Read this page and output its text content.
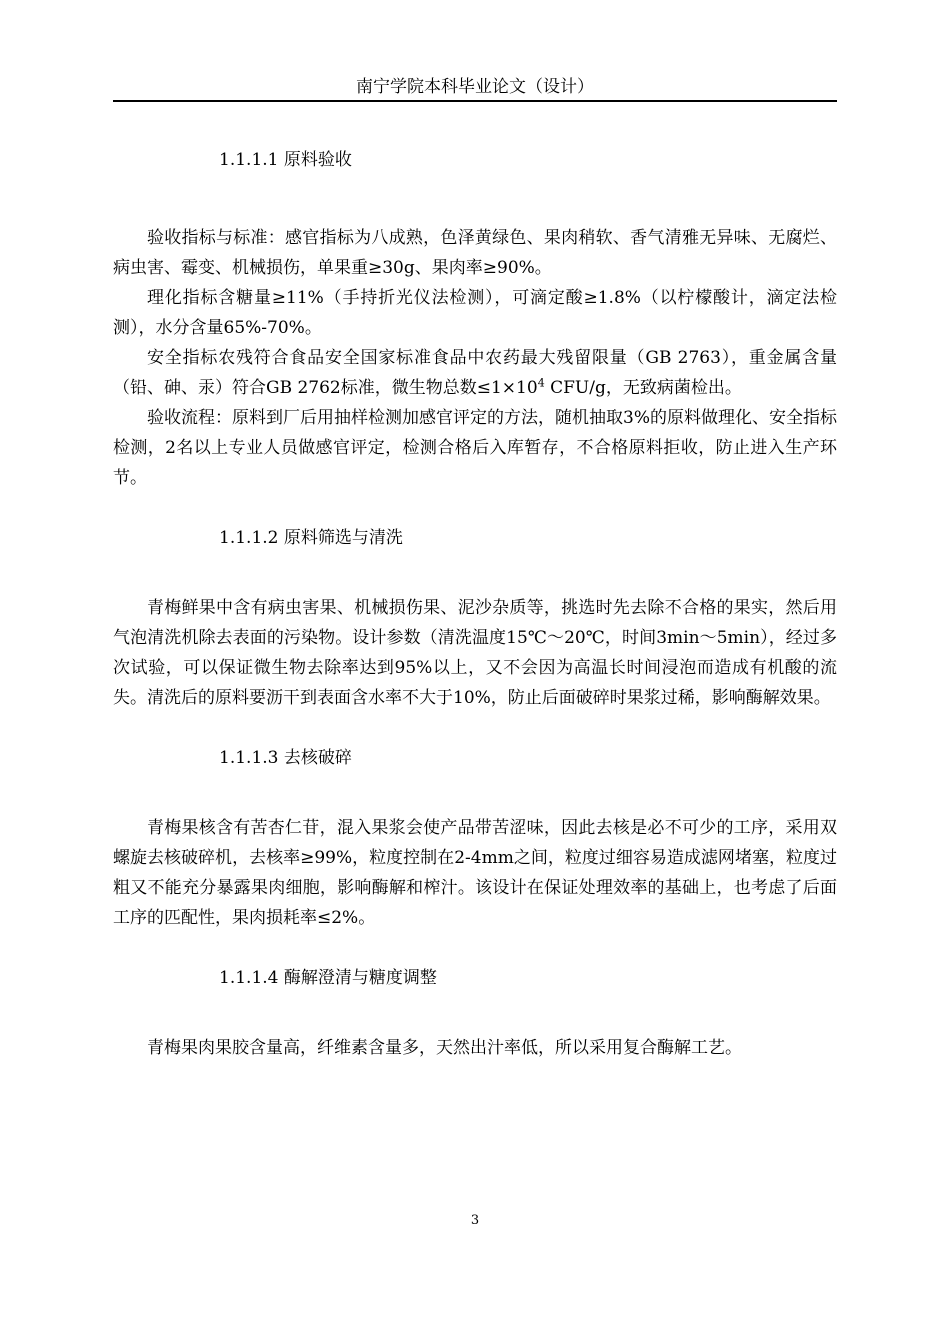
南宁学院本科毕业论文（设计）

1.1.1.1 原料验收

验收指标与标准：感官指标为八成熟，色泽黄绿色、果肉稍软、香气清雅无异味、无腐烂、病虫害、霉变、机械损伤，单果重≥30g、果肉率≥90%。

理化指标含糖量≥11%（手持折光仪法检测），可滴定酸≥1.8%（以柠檬酸计，滴定法检测），水分含量65%-70%。

安全指标农残符合食品安全国家标准食品中农药最大残留限量（GB 2763），重金属含量（铅、砷、汞）符合GB 2762标准，微生物总数$\le 1\times 10^4$ CFU/g，无致病菌检出。

验收流程：原料到厂后用抽样检测加感官评定的方法，随机抽取3%的原料做理化、安全指标检测，2名以上专业人员做感官评定，检测合格后入库暂存，不合格原料拒收，防止进入生产环节。

1.1.1.2 原料筛选与清洗

青梅鲜果中含有病虫害果、机械损伤果、泥沙杂质等，挑选时先去除不合格的果实，然后用气泡清洗机除去表面的污染物。设计参数（清洗温度15℃～20℃，时间3min～5min），经过多次试验，可以保证微生物去除率达到95%以上，又不会因为高温长时间浸泡而造成有机酸的流失。清洗后的原料要沥干到表面含水率不大于10%，防止后面破碎时果浆过稀，影响酶解效果。

1.1.1.3 去核破碎

青梅果核含有苦杏仁苷，混入果浆会使产品带苦涩味，因此去核是必不可少的工序，采用双螺旋去核破碎机，去核率≥99%，粒度控制在2-4mm之间，粒度过细容易造成滤网堵塞，粒度过粗又不能充分暴露果肉细胞，影响酶解和榨汁。该设计在保证处理效率的基础上，也考虑了后面工序的匹配性，果肉损耗率≤2%。

1.1.1.4 酶解澄清与糖度调整

青梅果肉果胶含量高，纤维素含量多，天然出汁率低，所以采用复合酶解工艺。

3
